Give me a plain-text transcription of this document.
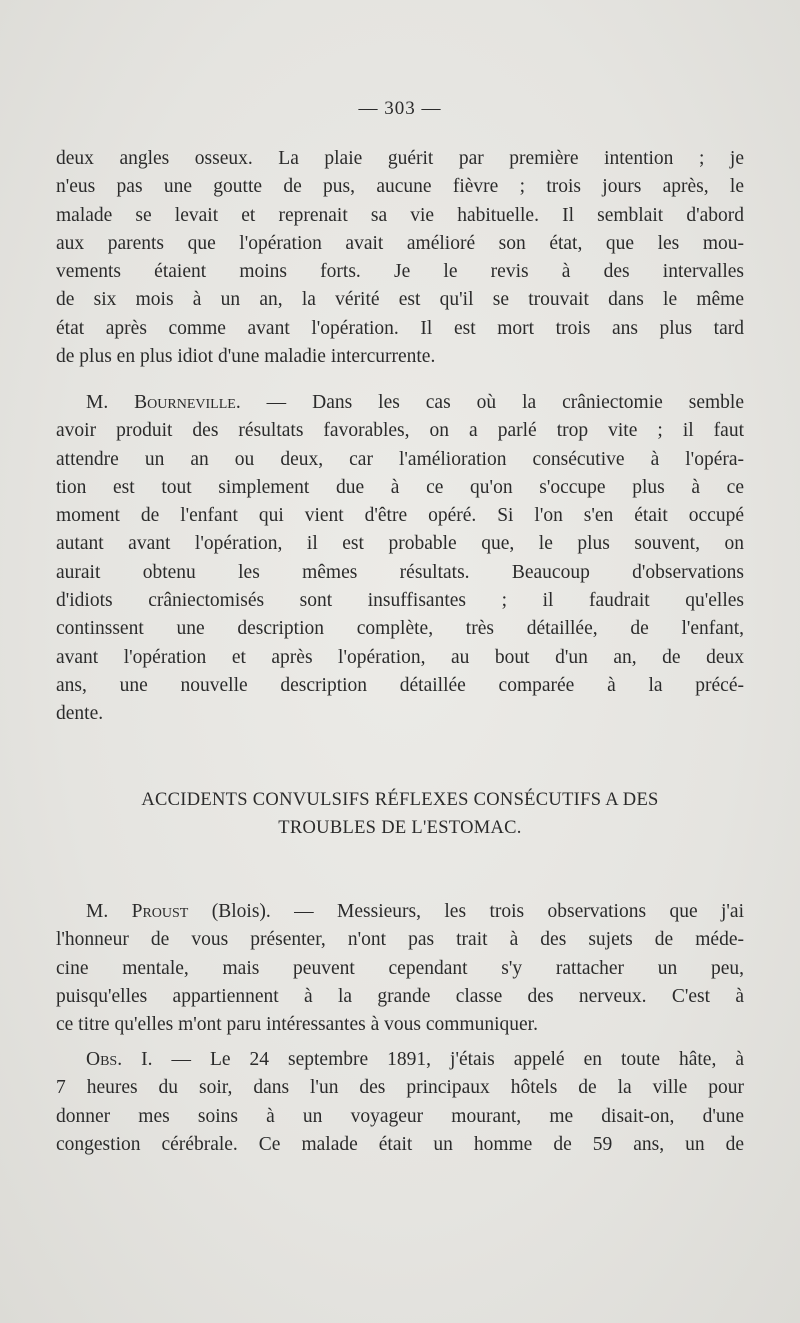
— 303 —
deux angles osseux. La plaie guérit par première intention ; je
n'eus pas une goutte de pus, aucune fièvre ; trois jours après, le
malade se levait et reprenait sa vie habituelle. Il semblait d'abord
aux parents que l'opération avait amélioré son état, que les mou-
vements étaient moins forts. Je le revis à des intervalles
de six mois à un an, la vérité est qu'il se trouvait dans le même
état après comme avant l'opération. Il est mort trois ans plus tard
de plus en plus idiot d'une maladie intercurrente.
M. Bourneville. — Dans les cas où la crâniectomie semble
avoir produit des résultats favorables, on a parlé trop vite ; il faut
attendre un an ou deux, car l'amélioration consécutive à l'opéra-
tion est tout simplement due à ce qu'on s'occupe plus à ce
moment de l'enfant qui vient d'être opéré. Si l'on s'en était occupé
autant avant l'opération, il est probable que, le plus souvent, on
aurait obtenu les mêmes résultats. Beaucoup d'observations
d'idiots crâniectomisés sont insuffisantes ; il faudrait qu'elles
continssent une description complète, très détaillée, de l'enfant,
avant l'opération et après l'opération, au bout d'un an, de deux
ans, une nouvelle description détaillée comparée à la précé-
dente.
ACCIDENTS CONVULSIFS RÉFLEXES CONSÉCUTIFS A DES
TROUBLES DE L'ESTOMAC.
M. Proust (Blois). — Messieurs, les trois observations que j'ai
l'honneur de vous présenter, n'ont pas trait à des sujets de méde-
cine mentale, mais peuvent cependant s'y rattacher un peu,
puisqu'elles appartiennent à la grande classe des nerveux. C'est à
ce titre qu'elles m'ont paru intéressantes à vous communiquer.
Obs. I. — Le 24 septembre 1891, j'étais appelé en toute hâte, à
7 heures du soir, dans l'un des principaux hôtels de la ville pour
donner mes soins à un voyageur mourant, me disait-on, d'une
congestion cérébrale. Ce malade était un homme de 59 ans, un de
